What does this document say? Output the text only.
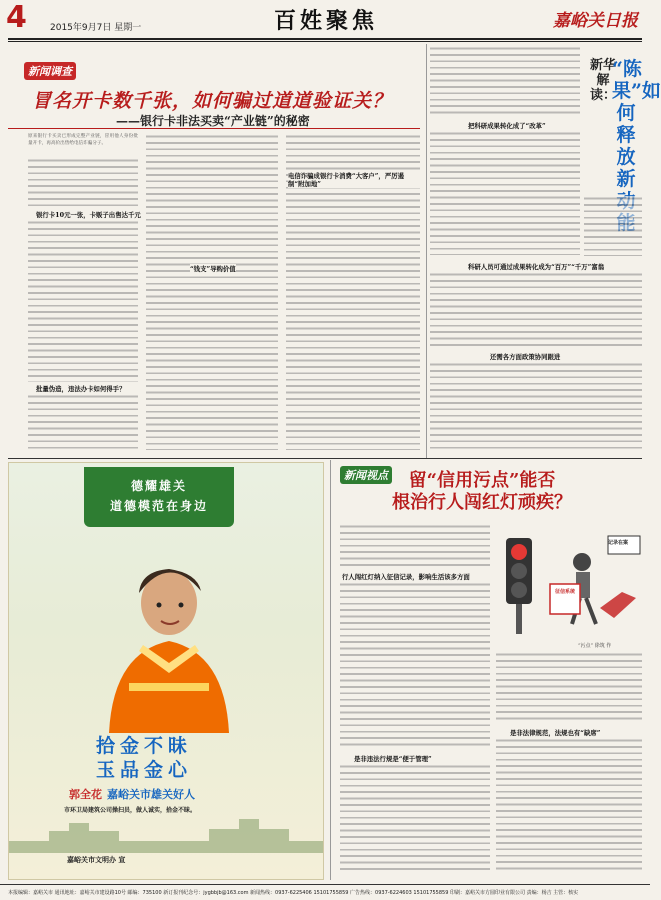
4	2015年9月7日 星期一	百姓聚焦	嘉峪关日报
新闻调查
冒名开卡数千张，如何骗过道道验证关？
——银行卡非法买卖“产业链”的秘密
原来银行卡买卖已形成完整产业链，冒用他人身份批量开卡，再高价出售给电信诈骗分子。
银行卡10元一张，卡贩子出售达千元
批量伪造，违法办卡如何得手？
“钱支”导购价值
电信诈骗成银行卡消费“大客户”，严厉遏制“附加地”
把科研成果转化成了“改革”
新华解读：
“陈果”如何释放新
科研人员可通过成果转化成为“百万”“千万”富翁
还需各方面政策协同跟进
德耀雄关
道德模范在身边
拾金不昧
玉品金心
郭全花 嘉峪关市雄关好人
市环卫局建筑公司操扫员，做人诚实，拾金不昧。
嘉峪关市文明办 宣
新闻视点	留“信用污点”能否
根治行人闯红灯顽疾？
行人闯红灯纳入征信记录，影响生活该多方面
是非违法行规是“便于管理”
记录在案
征信系统
“污点” 徐筑 作
是非法律规范，法规也有“缺席”
本报编辑：嘉峪关市 通讯地址：嘉峪关市建设路10号 邮编：735100 新订报刊纪念号：jygbbjb@163.com 新闻热线：0937-6225406 15101755859 广告热线：0937-6224603 15101755859 印刷：嘉峪关市方圆印业有限公司 责编：杨吉 主管：核实
